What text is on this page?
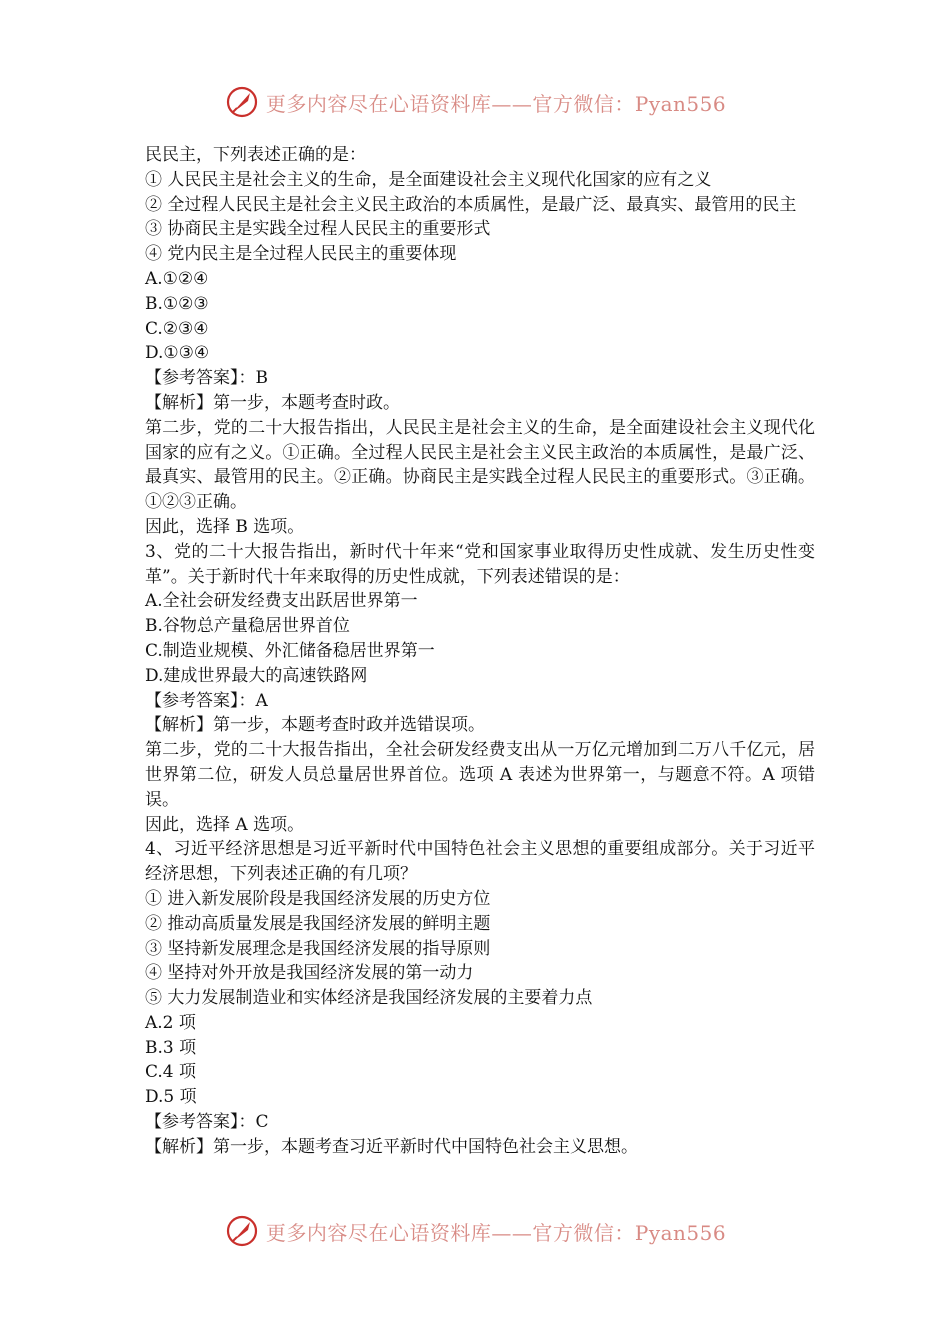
更多内容尽在心语资料库——官方微信：Pyan556

民民主，下列表述正确的是：

① 人民民主是社会主义的生命，是全面建设社会主义现代化国家的应有之义

② 全过程人民民主是社会主义民主政治的本质属性，是最广泛、最真实、最管用的民主

③ 协商民主是实践全过程人民民主的重要形式

④ 党内民主是全过程人民民主的重要体现

A.①②④

B.①②③

C.②③④

D.①③④

【参考答案】：B

【解析】第一步，本题考查时政。

第二步，党的二十大报告指出，人民民主是社会主义的生命，是全面建设社会主义现代化国家的应有之义。①正确。全过程人民民主是社会主义民主政治的本质属性，是最广泛、最真实、最管用的民主。②正确。协商民主是实践全过程人民民主的重要形式。③正确。①②③正确。

因此，选择 B 选项。

3、党的二十大报告指出，新时代十年来“党和国家事业取得历史性成就、发生历史性变革”。关于新时代十年来取得的历史性成就，下列表述错误的是：

A.全社会研发经费支出跃居世界第一

B.谷物总产量稳居世界首位

C.制造业规模、外汇储备稳居世界第一

D.建成世界最大的高速铁路网

【参考答案】：A

【解析】第一步，本题考查时政并选错误项。

第二步，党的二十大报告指出，全社会研发经费支出从一万亿元增加到二万八千亿元，居世界第二位，研发人员总量居世界首位。选项 A 表述为世界第一，与题意不符。A 项错误。

因此，选择 A 选项。

4、习近平经济思想是习近平新时代中国特色社会主义思想的重要组成部分。关于习近平经济思想，下列表述正确的有几项？

① 进入新发展阶段是我国经济发展的历史方位

② 推动高质量发展是我国经济发展的鲜明主题

③ 坚持新发展理念是我国经济发展的指导原则

④ 坚持对外开放是我国经济发展的第一动力

⑤ 大力发展制造业和实体经济是我国经济发展的主要着力点

A.2 项

B.3 项

C.4 项

D.5 项

【参考答案】：C

【解析】第一步，本题考查习近平新时代中国特色社会主义思想。

更多内容尽在心语资料库——官方微信：Pyan556
